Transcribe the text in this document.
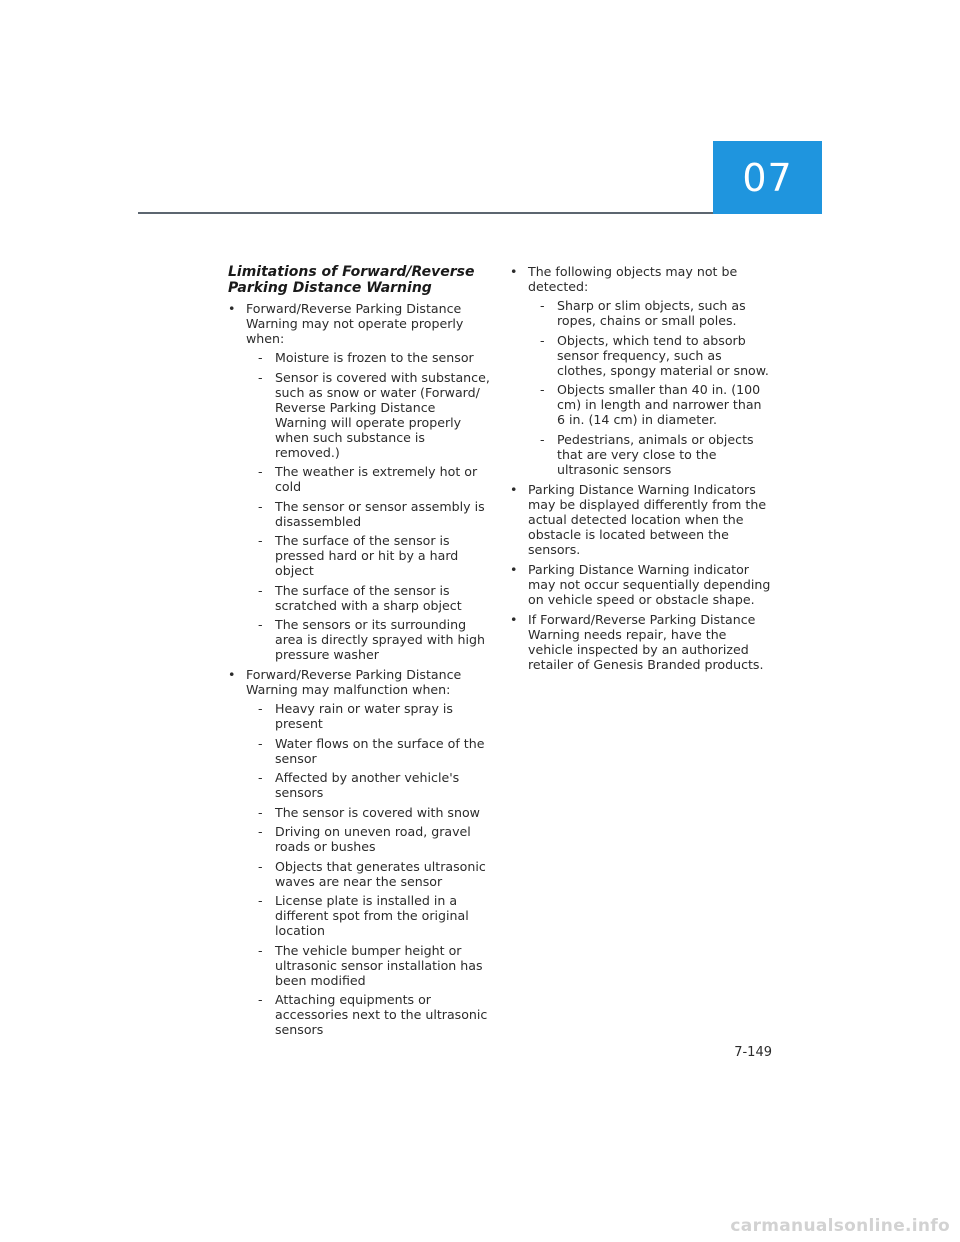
07
Limitations of Forward/Reverse
Parking Distance Warning
• Forward/Reverse Parking Distance Warning may not operate properly when:
- Moisture is frozen to the sensor
- Sensor is covered with substance, such as snow or water (Forward/ Reverse Parking Distance Warning will operate properly when such substance is removed.)
- The weather is extremely hot or cold
- The sensor or sensor assembly is disassembled
- The surface of the sensor is pressed hard or hit by a hard object
- The surface of the sensor is scratched with a sharp object
- The sensors or its surrounding area is directly sprayed with high pressure washer
• Forward/Reverse Parking Distance Warning may malfunction when:
- Heavy rain or water spray is present
- Water flows on the surface of the sensor
- Affected by another vehicle's sensors
- The sensor is covered with snow
- Driving on uneven road, gravel roads or bushes
- Objects that generates ultrasonic waves are near the sensor
- License plate is installed in a different spot from the original location
- The vehicle bumper height or ultrasonic sensor installation has been modified
- Attaching equipments or accessories next to the ultrasonic sensors
• The following objects may not be detected:
- Sharp or slim objects, such as ropes, chains or small poles.
- Objects, which tend to absorb sensor frequency, such as clothes, spongy material or snow.
- Objects smaller than 40 in. (100 cm) in length and narrower than 6 in. (14 cm) in diameter.
- Pedestrians, animals or objects that are very close to the ultrasonic sensors
• Parking Distance Warning Indicators may be displayed differently from the actual detected location when the obstacle is located between the sensors.
• Parking Distance Warning indicator may not occur sequentially depending on vehicle speed or obstacle shape.
• If Forward/Reverse Parking Distance Warning needs repair, have the vehicle inspected by an authorized retailer of Genesis Branded products.
7-149
carmanualsonline.info
